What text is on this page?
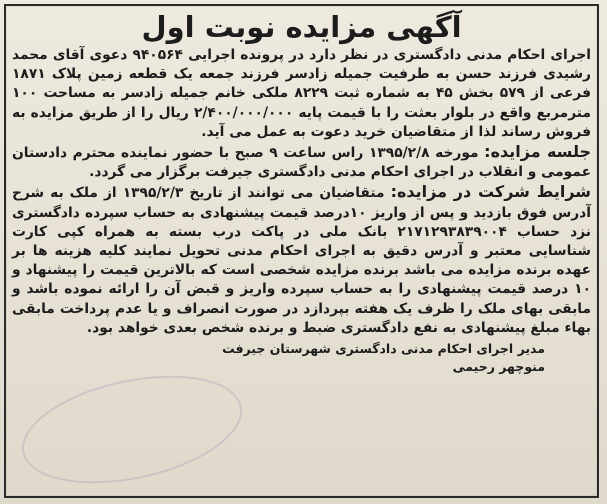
آگهی مزایده نوبت اول

اجرای احکام مدنی دادگستری در نظر دارد در پرونده اجرایی ۹۴۰۵۶۴ دعوی آقای محمد رشیدی فرزند حسن به طرفیت جمیله زادسر فرزند جمعه یک قطعه زمین پلاک ۱۸۷۱ فرعی از ۵۷۹ بخش ۴۵ به شماره ثبت ۸۲۲۹ ملکی خانم جمیله زادسر به مساحت ۱۰۰ مترمربع واقع در بلوار بعثت را با قیمت پایه ۲/۴۰۰/۰۰۰/۰۰۰ ریال را از طریق مزایده به فروش رساند لذا از متقاضیان خرید دعوت به عمل می آید.

جلسه مزایده: مورخه ۱۳۹۵/۲/۸ راس ساعت ۹ صبح با حضور نماینده محترم دادستان عمومی و انقلاب در اجرای احکام مدنی دادگستری جیرفت برگزار می گردد.

شرایط شرکت در مزایده: متقاضیان می توانند از تاریخ ۱۳۹۵/۲/۳ از ملک به شرح آدرس فوق بازدید و پس از واریز ۱۰درصد قیمت پیشنهادی به حساب سپرده دادگستری نزد حساب ۲۱۷۱۲۹۳۸۳۹۰۰۴ بانک ملی در پاکت درب بسته به همراه کپی کارت شناسایی معتبر و آدرس دقیق به اجرای احکام مدنی تحویل نمایند کلیه هزینه ها بر عهده برنده مزایده می باشد برنده مزایده شخصی است که بالاترین قیمت را پیشنهاد و ۱۰ درصد قیمت پیشنهادی را به حساب سپرده واریز و قبض آن را ارائه نموده باشد و مابقی بهای ملک را ظرف یک هفته بپردازد در صورت انصراف و یا عدم پرداخت مابقی بهاء مبلغ پیشنهادی به نفع دادگستری ضبط و برنده شخص بعدی خواهد بود.

مدیر اجرای احکام مدنی دادگستری شهرستان جیرفت

منوچهر رحیمی
